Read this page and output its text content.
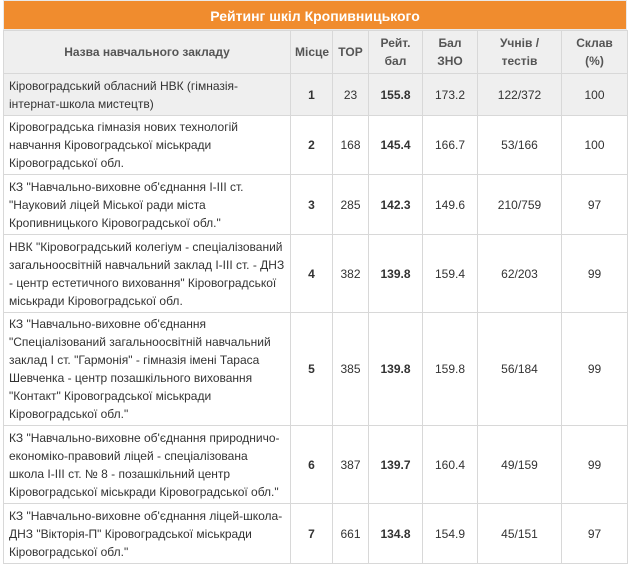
Рейтинг шкіл Кропивницького
Назва навчального закладу	Місце	TOP	Рейт. бал	Бал ЗНО	Учнів / тестів	Склав (%)
Кіровоградський обласний НВК (гімназія-інтернат-школа мистецтв)	1	23	155.8	173.2	122/372	100
Кіровоградська гімназія нових технологій навчання Кіровоградської міськради Кіровоградської обл.	2	168	145.4	166.7	53/166	100
КЗ "Навчально-виховне об'єднання І-ІІІ ст. "Науковий ліцей Міської ради міста Кропивницького Кіровоградської обл."	3	285	142.3	149.6	210/759	97
НВК "Кіровоградський колегіум - спеціалізований загальноосвітній навчальний заклад І-ІІІ ст. - ДНЗ - центр естетичного виховання" Кіровоградської міськради Кіровоградської обл.	4	382	139.8	159.4	62/203	99
КЗ "Навчально-виховне об'єднання "Спеціалізований загальноосвітній навчальний заклад І ст. "Гармонія" - гімназія імені Тараса Шевченка - центр позашкільного виховання "Контакт" Кіровоградської міськради Кіровоградської обл."	5	385	139.8	159.8	56/184	99
КЗ "Навчально-виховне об'єднання природничо-економіко-правовий ліцей - спеціалізована школа І-ІІІ ст. № 8 - позашкільний центр Кіровоградської міськради Кіровоградської обл."	6	387	139.7	160.4	49/159	99
КЗ "Навчально-виховне об'єднання ліцей-школа-ДНЗ "Вікторія-П" Кіровоградської міськради Кіровоградської обл."	7	661	134.8	154.9	45/151	97
